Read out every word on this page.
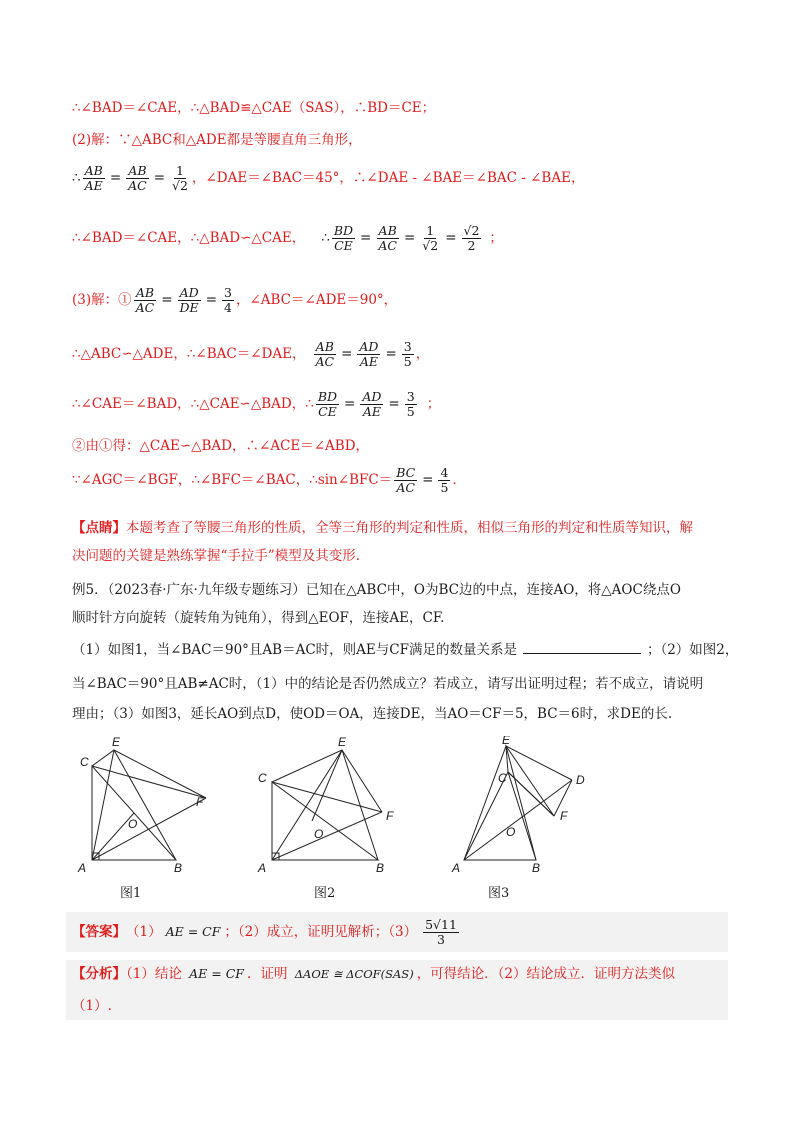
∴∠BAD＝∠CAE，∴△BAD≌△CAE（SAS），∴BD＝CE；
(2)解：∵△ABC和△ADE都是等腰直角三角形，
∴ $\frac{AB}{AE} = \frac{AB}{AC} = \frac{1}{√2}$ ，∠DAE＝∠BAC＝45°，∴∠DAE - ∠BAE＝∠BAC - ∠BAE，
∴∠BAD＝∠CAE，∴△BAD∽△CAE， ∴ $\frac{BD}{CE} = \frac{AB}{AC} = \frac{1}{√2} = \frac{√2}{2}$ ；
(3)解：① $\frac{AB}{AC} = \frac{AD}{DE} = \frac{3}{4}$ ，∠ABC＝∠ADE＝90°，
∴△ABC∽△ADE，∴∠BAC＝∠DAE， $\frac{AB}{AC} = \frac{AD}{AE} = \frac{3}{5}$ ，
∴∠CAE＝∠BAD，∴△CAE∽△BAD，∴ $\frac{BD}{CE} = \frac{AD}{AE} = \frac{3}{5}$ ；
②由①得：△CAE∽△BAD，∴∠ACE＝∠ABD，
∵∠AGC＝∠BGF，∴∠BFC＝∠BAC，∴sin∠BFC＝ $\frac{BC}{AC} = \frac{4}{5}$ ．
【点睛】本题考查了等腰三角形的性质，全等三角形的判定和性质，相似三角形的判定和性质等知识，解
决问题的关键是熟练掌握“手拉手”模型及其变形.
例5．（2023春·广东·九年级专题练习）已知在△ABC中，O为BC边的中点，连接AO，将△AOC绕点O
顺时针方向旋转（旋转角为钝角），得到△EOF，连接AE，CF.
（1）如图1，当∠BAC＝90°且AB＝AC时，则AE与CF满足的数量关系是	；（2）如图2，
当∠BAC＝90°且AB≠AC时，（1）中的结论是否仍然成立？若成立，请写出证明过程；若不成立，请说明
理由；（3）如图3，延长AO到点D，使OD＝OA，连接DE，当AO＝CF＝5，BC＝6时，求DE的长.
E
C
F
O
A	B
图1
E
C
F
O
A	B
图2
E
C	D
F
O
A	B
图3
【答案】 （1） AE = CF ；（2）成立，证明见解析；$(3) \frac{5√11}{3}$
【分析】（1）结论 AE = CF ．证明 ΔAOE ≅ ΔCOF(SAS) ，可得结论．（2）结论成立．证明方法类似
（1）.
